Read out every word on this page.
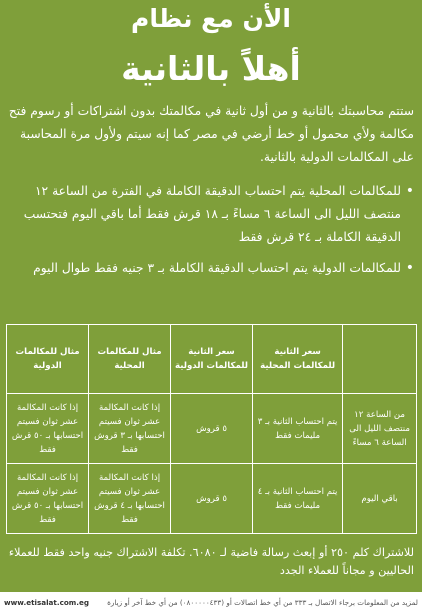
الأن مع نظام
أهلاً بالثانية
ستتم محاسبتك بالثانية و من أول ثانية في مكالمتك بدون اشتراكات أو رسوم فتح مكالمة ولأي محمول أو خط أرضي في مصر كما إنه سيتم ولأول مرة المحاسبة على المكالمات الدولية بالثانية.
•
للمكالمات المحلية يتم احتساب الدقيقة الكاملة في الفترة من الساعة ١٢ منتصف الليل الى الساعة ٦ مساءً بـ ١٨ قرش فقط أما باقي اليوم فتحتسب الدقيقة الكاملة بـ ٢٤ قرش فقط
•
للمكالمات الدولية يتم احتساب الدقيقة الكاملة بـ ٣ جنيه فقط طوال اليوم
	سعر الثانية للمكالمات المحلية	سعر الثانية للمكالمات الدولية	مثال للمكالمات المحلية	مثال للمكالمات الدولية
من الساعة ١٢ منتصف الليل الى الساعة ٦ مساءً	يتم احتساب الثانية بـ ٣ مليمات فقط	٥ قروش	إذا كانت المكالمة عشر ثوان فسيتم احتسابها بـ ٣ قروش فقط	إذا كانت المكالمة عشر ثوان فسيتم احتسابها بـ ٥٠ قرش فقط
باقي اليوم	يتم احتساب الثانية بـ ٤ مليمات فقط	٥ قروش	إذا كانت المكالمة عشر ثوان فسيتم احتسابها بـ ٤ قروش فقط	إذا كانت المكالمة عشر ثوان فسيتم احتسابها بـ ٥٠ قرش فقط
للاشتراك كلم ٢٥٠ أو إبعث رسالة فاضية لـ ٦٠٨٠. تكلفة الاشتراك جنيه واحد فقط للعملاء الحاليين و مجاناً للعملاء الجدد
www.etisalat.com.eg	لمزيد من المعلومات برجاء الاتصال بـ ٣٣٣ من أي خط اتصالات أو (٠٨٠٠٠٠٠٤٣٣) من أي خط آخر أو زيارة
